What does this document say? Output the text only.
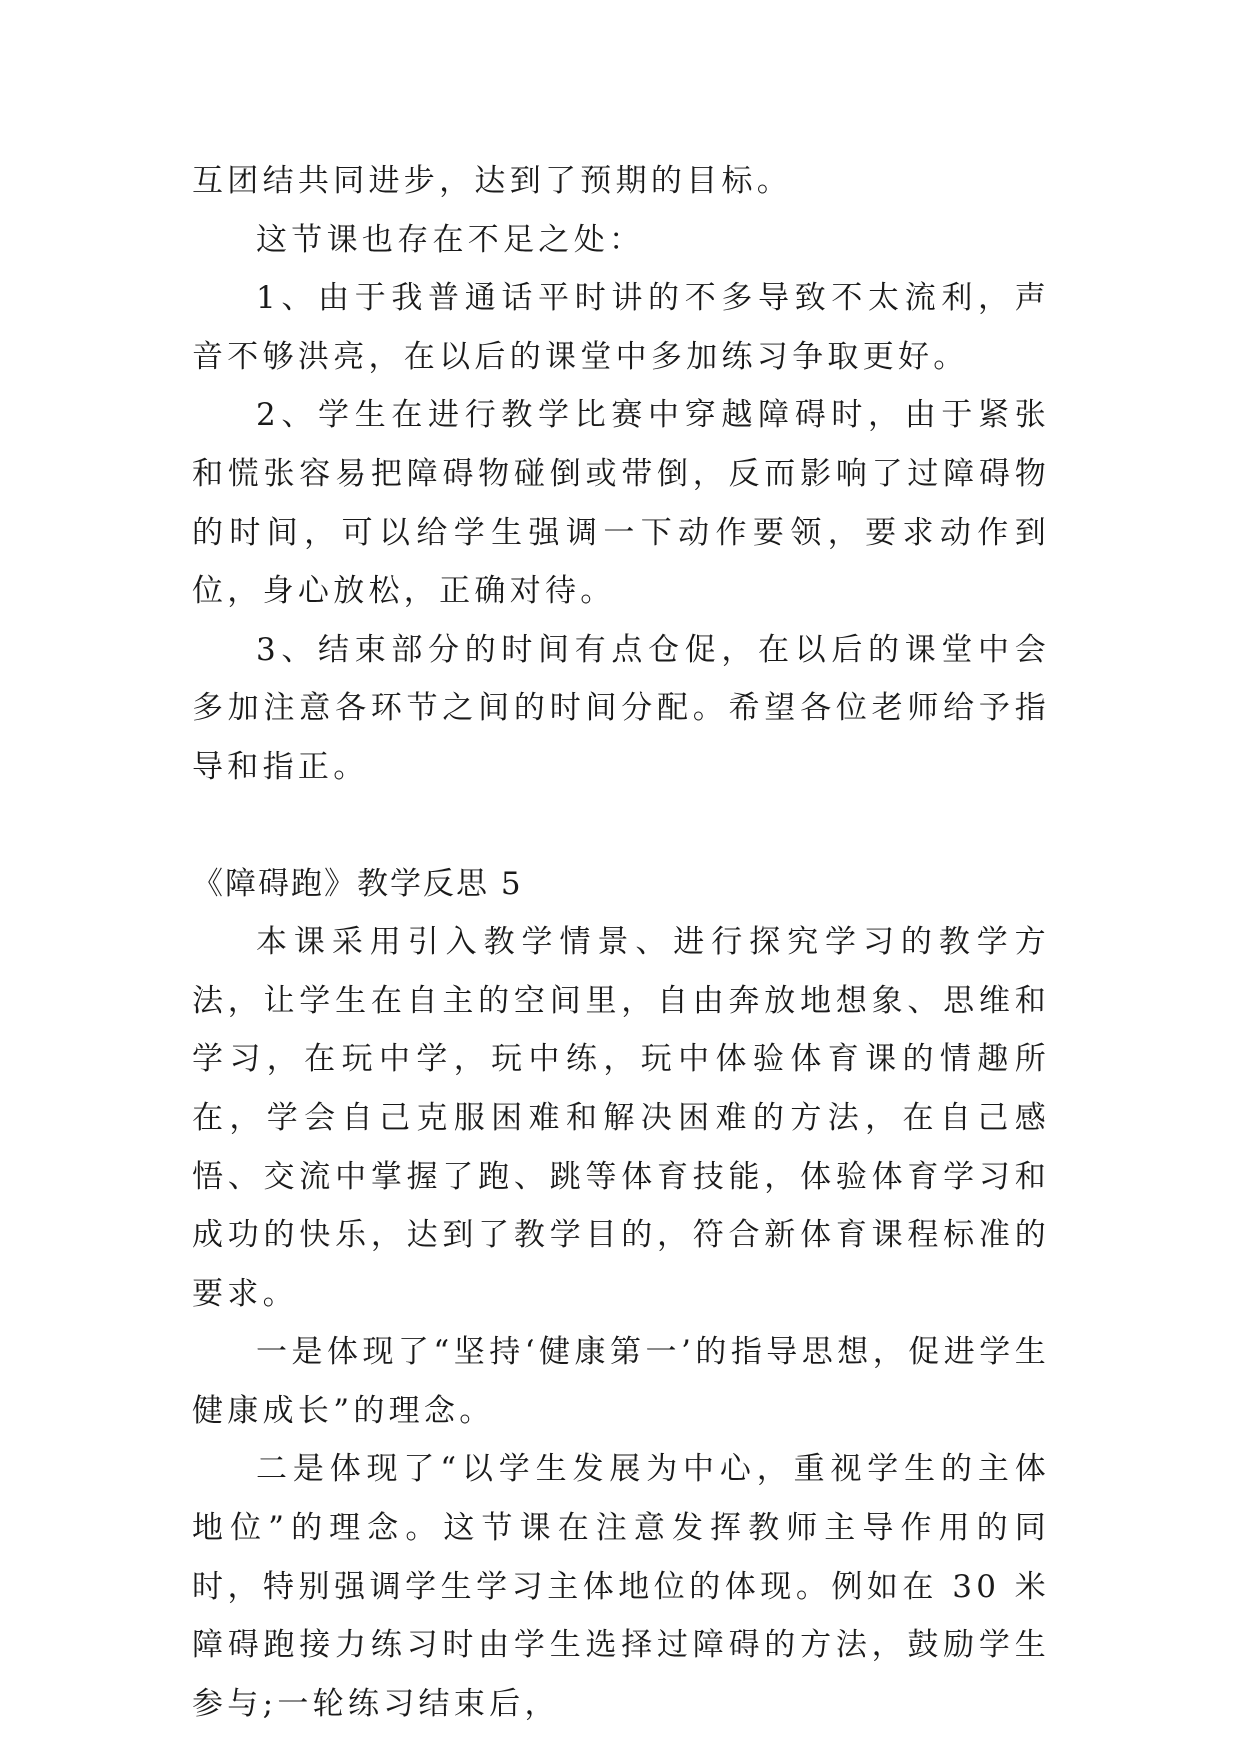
互团结共同进步，达到了预期的目标。

这节课也存在不足之处：

1、由于我普通话平时讲的不多导致不太流利，声音不够洪亮，在以后的课堂中多加练习争取更好。

2、学生在进行教学比赛中穿越障碍时，由于紧张和慌张容易把障碍物碰倒或带倒，反而影响了过障碍物的时间，可以给学生强调一下动作要领，要求动作到位，身心放松，正确对待。

3、结束部分的时间有点仓促，在以后的课堂中会多加注意各环节之间的时间分配。希望各位老师给予指导和指正。

《障碍跑》教学反思 5

本课采用引入教学情景、进行探究学习的教学方法，让学生在自主的空间里，自由奔放地想象、思维和学习，在玩中学，玩中练，玩中体验体育课的情趣所在，学会自己克服困难和解决困难的方法，在自己感悟、交流中掌握了跑、跳等体育技能，体验体育学习和成功的快乐，达到了教学目的，符合新体育课程标准的要求。

一是体现了“坚持‘健康第一’的指导思想，促进学生健康成长”的理念。

二是体现了“以学生发展为中心，重视学生的主体地位”的理念。这节课在注意发挥教师主导作用的同时，特别强调学生学习主体地位的体现。例如在 30 米障碍跑接力练习时由学生选择过障碍的方法，鼓励学生参与;一轮练习结束后，
